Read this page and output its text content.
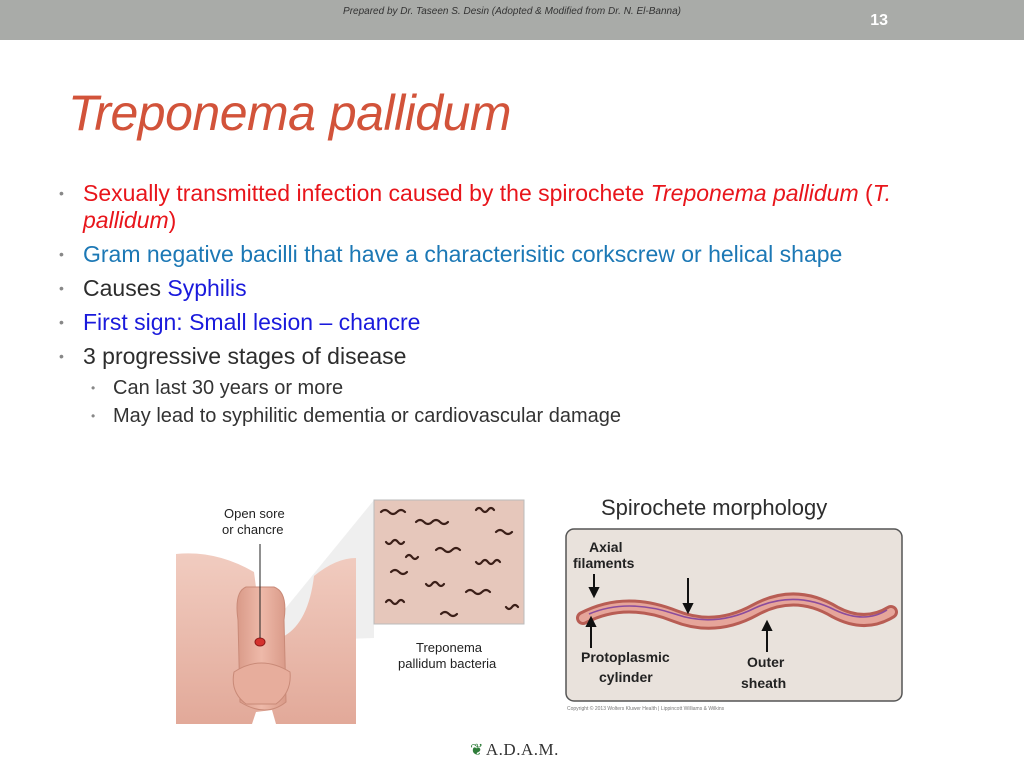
Prepared by Dr. Taseen S. Desin (Adopted & Modified from Dr. N. El-Banna)
13
Treponema pallidum
• Sexually transmitted infection caused by the spirochete Treponema pallidum (T. pallidum)
• Gram negative bacilli that have a characterisitic corkscrew or helical shape
• Causes Syphilis
• First sign: Small lesion – chancre
• 3 progressive stages of disease
• Can last 30 years or more
• May lead to syphilitic dementia or cardiovascular damage
Open sore
or chancre
Treponema
pallidum bacteria
Spirochete morphology
Axial
filaments
Protoplasmic
cylinder
Outer
sheath
Copyright © 2013 Wolters Kluwer Health | Lippincott Williams & Wilkins
❦ A.D.A.M.
